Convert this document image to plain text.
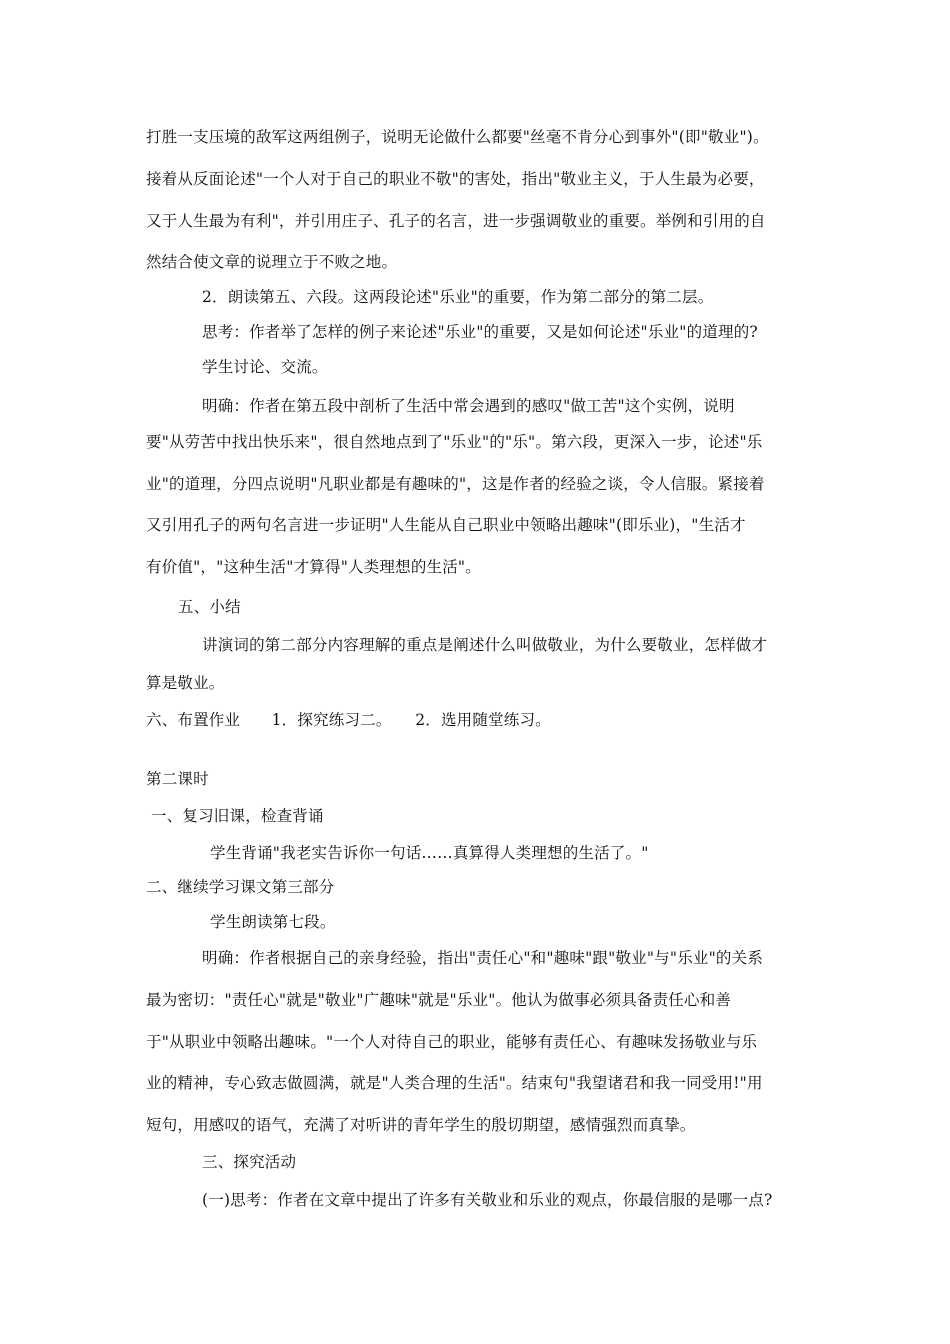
打胜一支压境的敌军这两组例子，说明无论做什么都要"丝毫不肯分心到事外"(即"敬业")。
接着从反面论述"一个人对于自己的职业不敬"的害处，指出"敬业主义，于人生最为必要，
又于人生最为有利"，并引用庄子、孔子的名言，进一步强调敬业的重要。举例和引用的自
然结合使文章的说理立于不败之地。
2．朗读第五、六段。这两段论述"乐业"的重要，作为第二部分的第二层。
思考：作者举了怎样的例子来论述"乐业"的重要，又是如何论述"乐业"的道理的?
学生讨论、交流。
明确：作者在第五段中剖析了生活中常会遇到的感叹"做工苦"这个实例，说明
要"从劳苦中找出快乐来"，很自然地点到了"乐业"的"乐"。第六段，更深入一步，论述"乐
业"的道理，分四点说明"凡职业都是有趣味的"，这是作者的经验之谈，令人信服。紧接着
又引用孔子的两句名言进一步证明"人生能从自己职业中领略出趣味"(即乐业)，"生活才
有价值"，"这种生活"才算得"人类理想的生活"。
五、小结
讲演词的第二部分内容理解的重点是阐述什么叫做敬业，为什么要敬业，怎样做才
算是敬业。
六、布置作业　　1．探究练习二。　　2．选用随堂练习。
第二课时
一、复习旧课，检查背诵
学生背诵"我老实告诉你一句话……真算得人类理想的生活了。"
二、继续学习课文第三部分
学生朗读第七段。
明确：作者根据自己的亲身经验，指出"责任心"和"趣味"跟"敬业"与"乐业"的关系
最为密切："责任心"就是"敬业"广趣味"就是"乐业"。他认为做事必须具备责任心和善
于"从职业中领略出趣味。"一个人对待自己的职业，能够有责任心、有趣味发扬敬业与乐
业的精神，专心致志做圆满，就是"人类合理的生活"。结束句"我望诸君和我一同受用!"用
短句，用感叹的语气，充满了对听讲的青年学生的殷切期望，感情强烈而真挚。
三、探究活动
(一)思考：作者在文章中提出了许多有关敬业和乐业的观点，你最信服的是哪一点?
